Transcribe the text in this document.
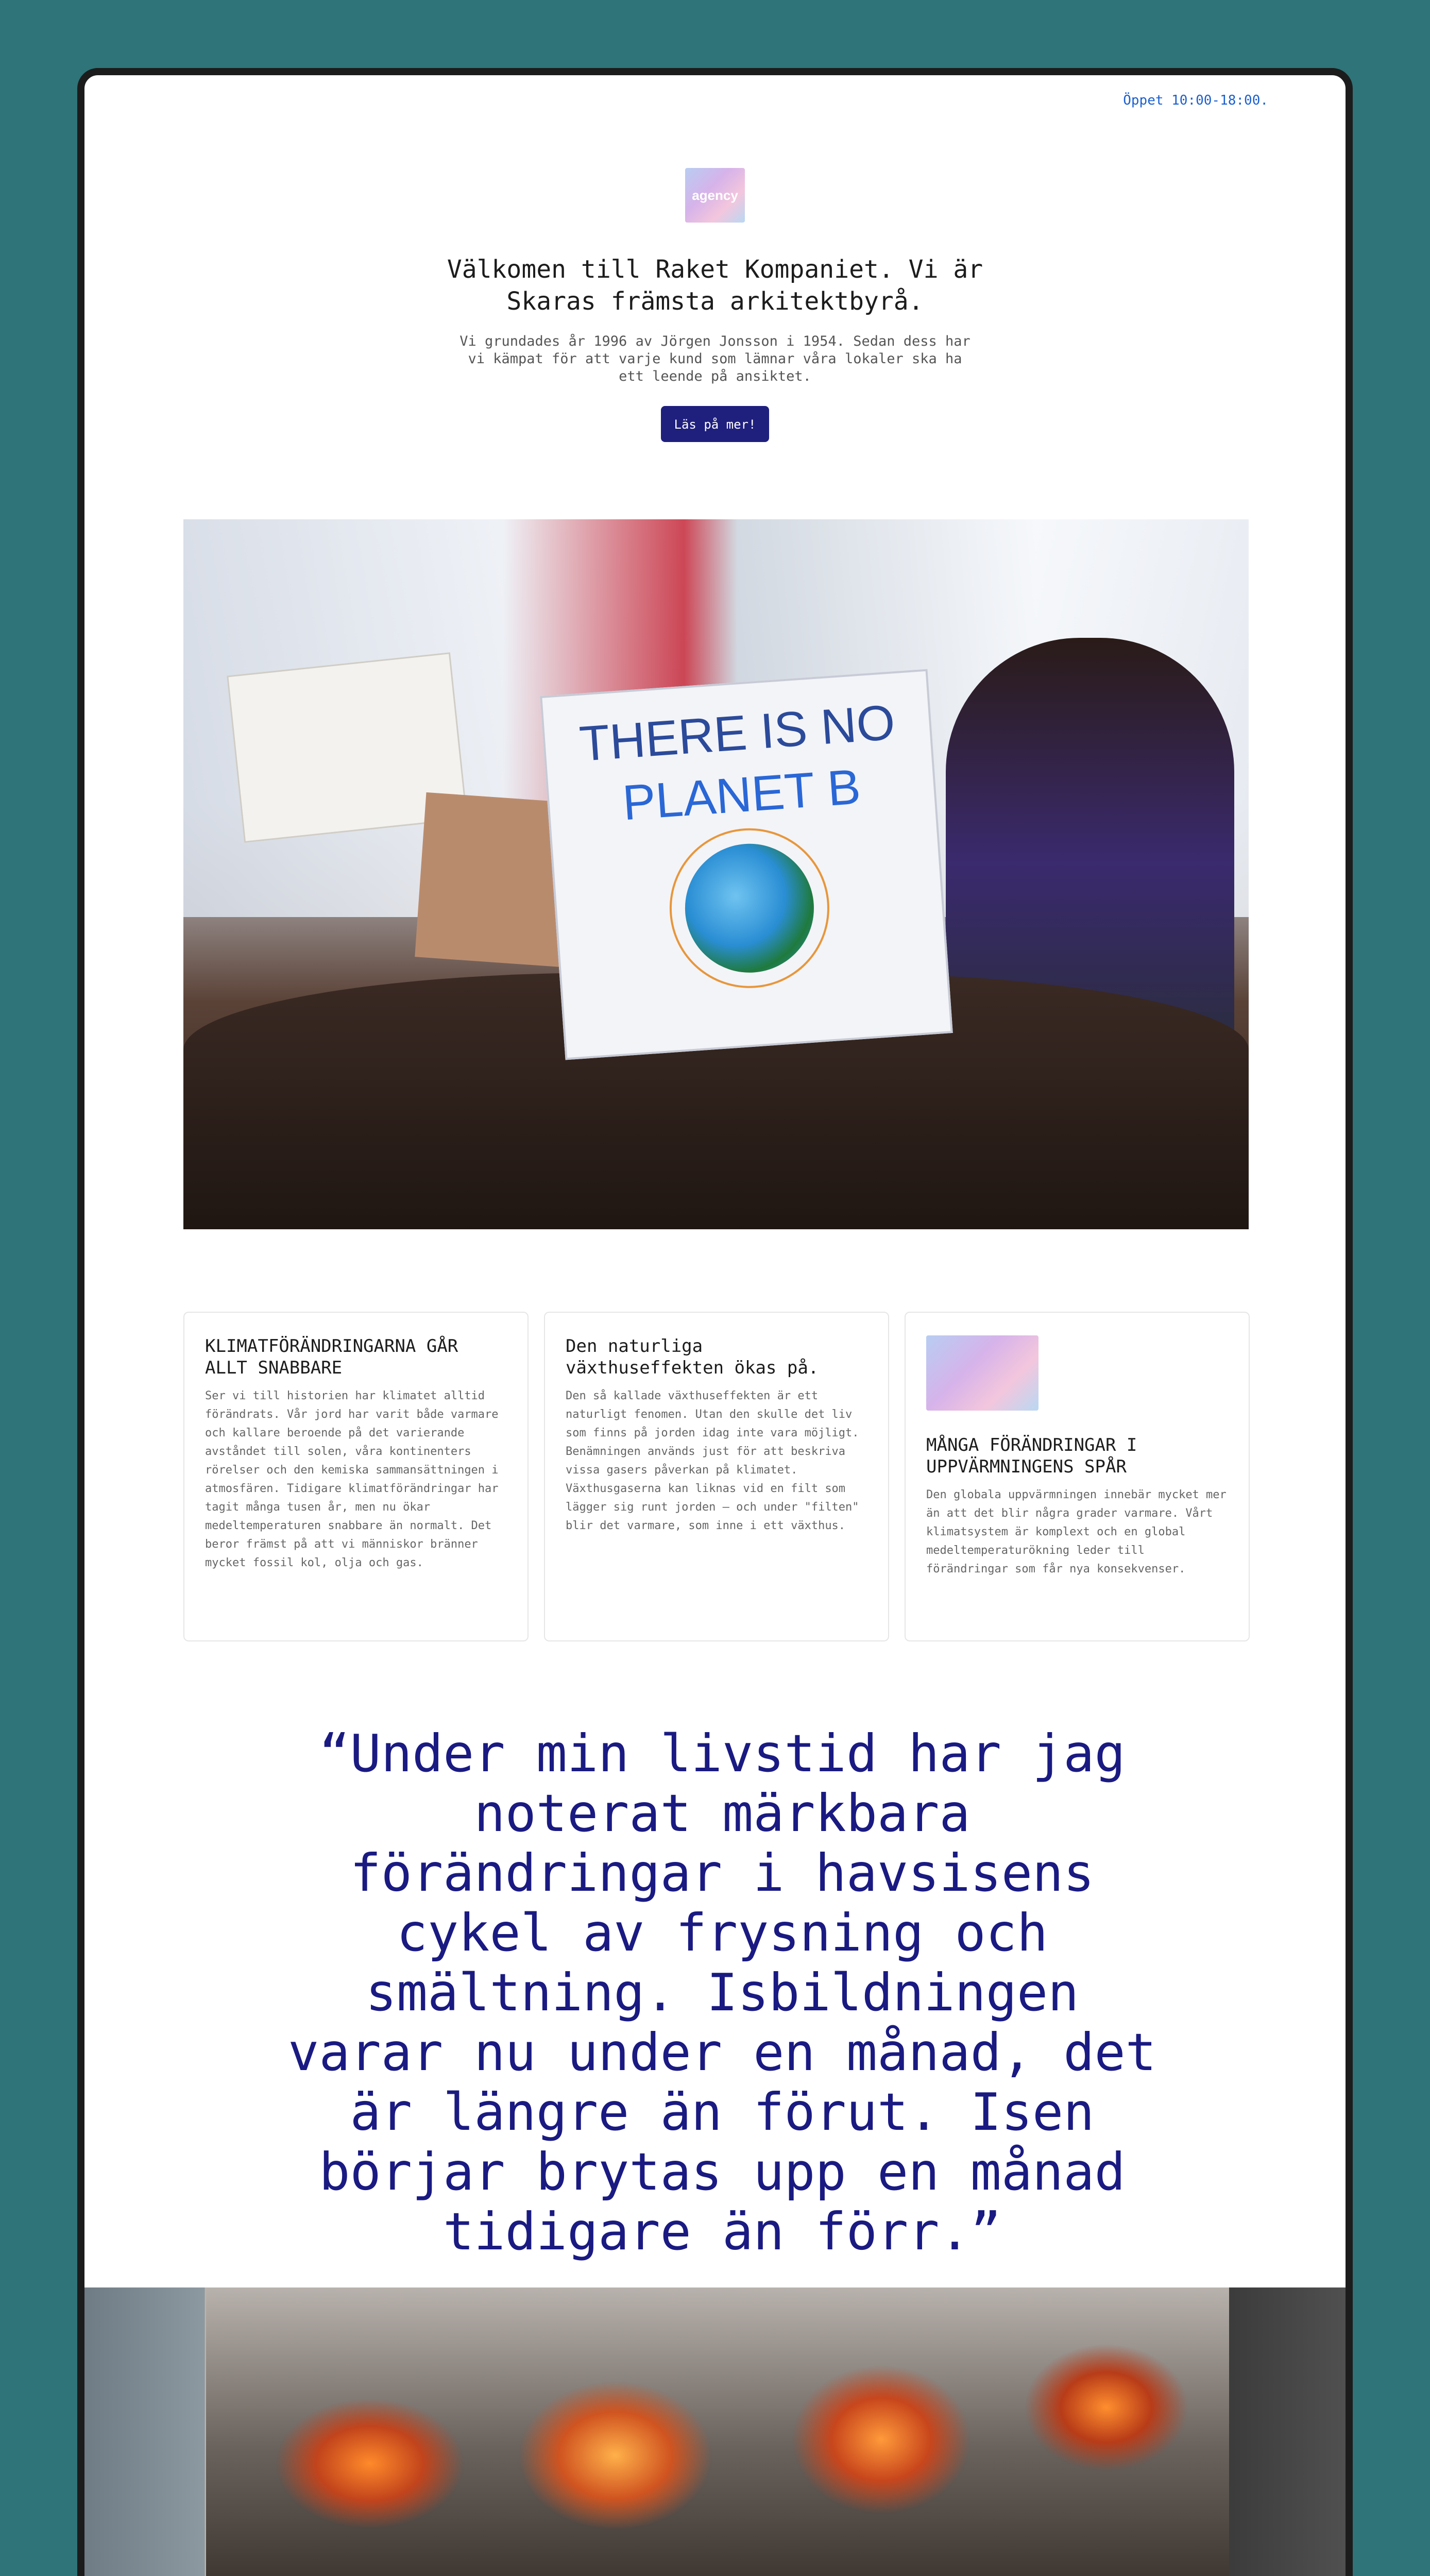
Öppet 10:00-18:00.
agency
Välkomen till Raket Kompaniet. Vi är Skaras främsta arkitektbyrå.
Vi grundades år 1996 av Jörgen Jonsson i 1954. Sedan dess har vi kämpat för att varje kund som lämnar våra lokaler ska ha ett leende på ansiktet.
Läs på mer!
THERE IS NO
PLANET B
KLIMATFÖRÄNDRINGARNA GÅR ALLT SNABBARE

Ser vi till historien har klimatet alltid förändrats. Vår jord har varit både varmare och kallare beroende på det varierande avståndet till solen, våra kontinenters rörelser och den kemiska sammansättningen i atmosfären. Tidigare klimatförändringar har tagit många tusen år, men nu ökar medeltemperaturen snabbare än normalt. Det beror främst på att vi människor bränner mycket fossil kol, olja och gas.

Den naturliga växthuseffekten ökas på.

Den så kallade växthuseffekten är ett naturligt fenomen. Utan den skulle det liv som finns på jorden idag inte vara möjligt. Benämningen används just för att beskriva vissa gasers påverkan på klimatet. Växthusgaserna kan liknas vid en filt som lägger sig runt jorden – och under "filten" blir det varmare, som inne i ett växthus.

MÅNGA FÖRÄNDRINGAR I UPPVÄRMNINGENS SPÅR

Den globala uppvärmningen innebär mycket mer än att det blir några grader varmare. Vårt klimatsystem är komplext och en global medeltemperaturökning leder till förändringar som får nya konsekvenser.

“Under min livstid har jag noterat märkbara förändringar i havsisens cykel av frysning och smältning. Isbildningen varar nu under en månad, det är längre än förut. Isen börjar brytas upp en månad tidigare än förr.”
